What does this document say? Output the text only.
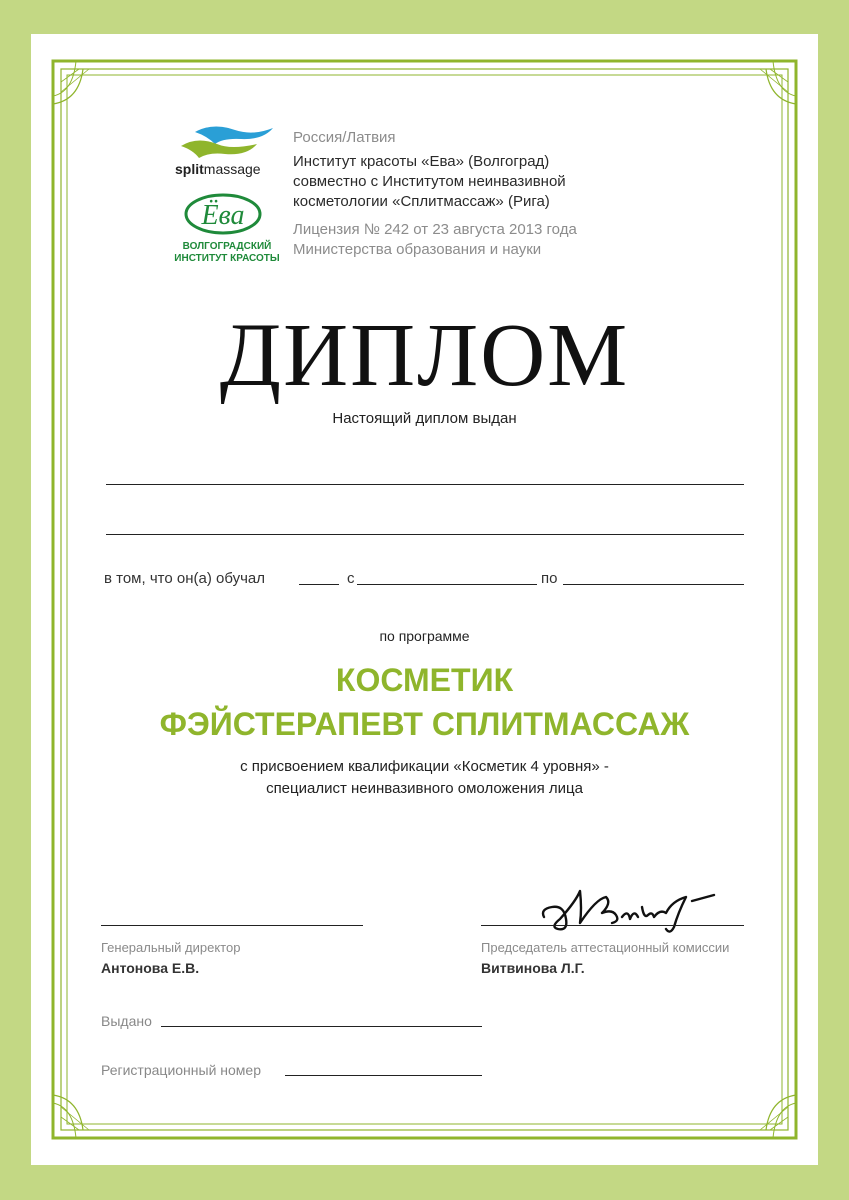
splitmassage
Ёва
ВОЛГОГРАДСКИЙ
ИНСТИТУТ КРАСОТЫ
Россия/Латвия
Институт красоты «Ева» (Волгоград)
совместно с Институтом неинвазивной
косметологии «Сплитмассаж» (Рига)
Лицензия № 242 от 23 августа 2013 года
Министерства образования и науки
ДИПЛОМ
Настоящий диплом выдан
в том, что он(а) обучал	с	по
по программе
КОСМЕТИК
ФЭЙСТЕРАПЕВТ СПЛИТМАССАЖ
с присвоением квалификации «Косметик 4 уровня» -
специалист неинвазивного омоложения лица
Генеральный директор
Антонова Е.В.
Председатель аттестационный комиссии
Витвинова Л.Г.
Выдано
Регистрационный номер
